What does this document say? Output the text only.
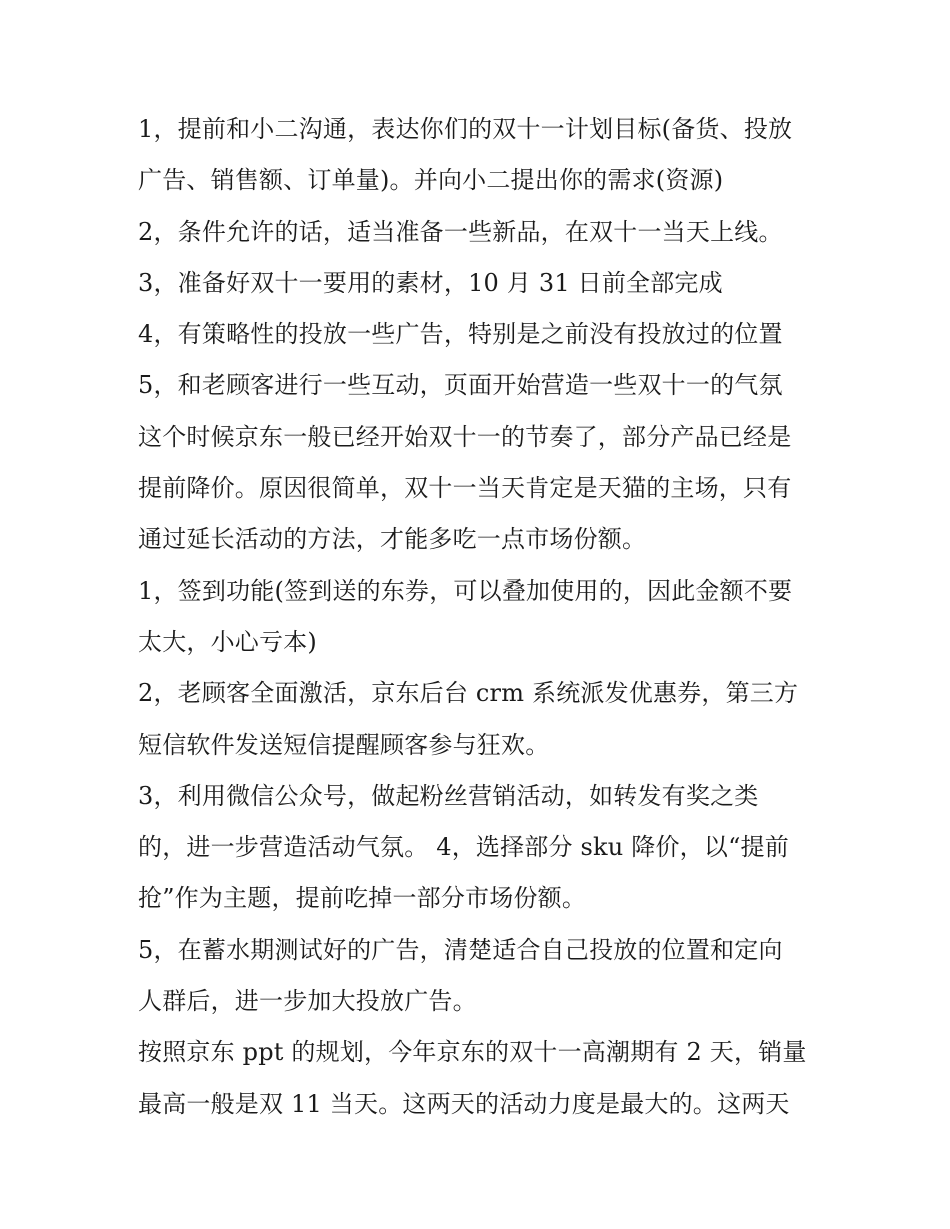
1，提前和小二沟通，表达你们的双十一计划目标(备货、投放
广告、销售额、订单量)。并向小二提出你的需求(资源)
2，条件允许的话，适当准备一些新品，在双十一当天上线。
3，准备好双十一要用的素材，10 月 31 日前全部完成
4，有策略性的投放一些广告，特别是之前没有投放过的位置
5，和老顾客进行一些互动，页面开始营造一些双十一的气氛
这个时候京东一般已经开始双十一的节奏了，部分产品已经是
提前降价。原因很简单，双十一当天肯定是天猫的主场，只有
通过延长活动的方法，才能多吃一点市场份额。
1，签到功能(签到送的东券，可以叠加使用的，因此金额不要
太大，小心亏本)
2，老顾客全面激活，京东后台 crm 系统派发优惠券，第三方
短信软件发送短信提醒顾客参与狂欢。
3，利用微信公众号，做起粉丝营销活动，如转发有奖之类
的，进一步营造活动气氛。 4，选择部分 sku 降价，以“提前
抢”作为主题，提前吃掉一部分市场份额。
5，在蓄水期测试好的广告，清楚适合自己投放的位置和定向
人群后，进一步加大投放广告。
按照京东 ppt 的规划，今年京东的双十一高潮期有 2 天，销量
最高一般是双 11 当天。这两天的活动力度是最大的。这两天
